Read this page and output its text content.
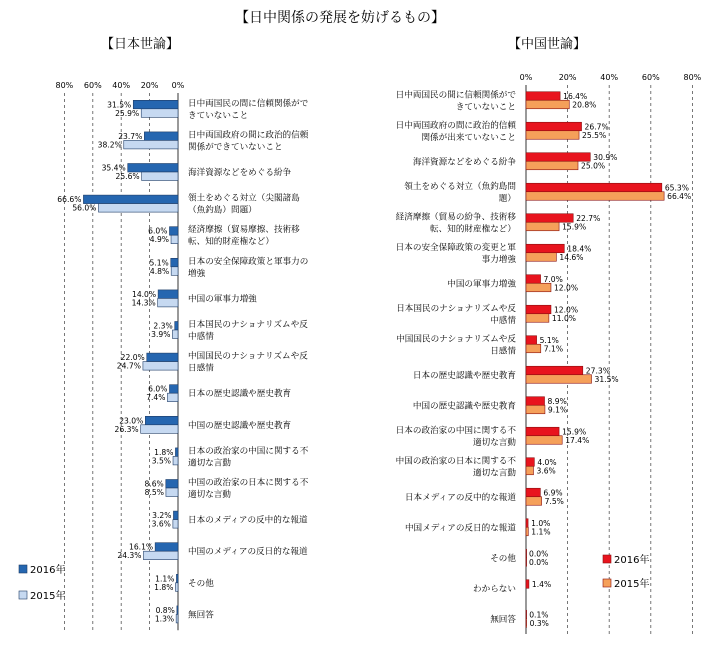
【日中関係の発展を妨げるもの】
【日本世論】	【中国世論】
80% 60% 40% 20% 0%
31.5%
25.9%
日中両国民の間に信頼関係がで
きていないこと
23.7%
38.2%
日中両国政府の間に政治的信頼
関係ができていないこと
35.4%
25.6%	海洋資源などをめぐる紛争
66.6%
56.0%
領土をめぐる対立（尖閣諸島
（魚釣島）問題）
6.0%
4.9%
経済摩擦（貿易摩擦、技術移
転、知的財産権など）
5.1%
4.8%
日本の安全保障政策と軍事力の
増強
14.0%
14.3%	中国の軍事力増強
2.3%
3.9%
日本国民のナショナリズムや反
中感情
22.0%
24.7%
中国国民のナショナリズムや反
日感情
6.0%
7.4%	日本の歴史認識や歴史教育
23.0%
26.3%	中国の歴史認識や歴史教育
1.8%
3.5%
日本の政治家の中国に関する不
適切な言動
8.6%
8.5%
中国の政治家の日本に関する不
適切な言動
3.2%
3.6% 日本のメディアの反中的な報道
16.1%
24.3%	中国のメディアの反日的な報道
1.1%
1.8% その他
0.8%
1.3% 無回答
2016年
2015年
0%	20%	40%	60%	80%
16.4%
20.8%
日中両国民の間に信頼関係がで
きていないこと
26.7%
25.5%
日中両国政府の間に政治的信頼
関係が出来ていないこと
30.9%
25.0%
海洋資源などをめぐる紛争
65.3%
66.4%
領土をめぐる対立（魚釣島問
題）
22.7%
15.9%
経済摩擦（貿易の紛争、技術移
転、知的財産権など）
18.4%
14.6%
日本の安全保障政策の変更と軍
事力増強
7.0%
12.0%
中国の軍事力増強
12.0%
11.0%
日本国民のナショナリズムや反
中感情
5.1%
7.1%
中国国民のナショナリズムや反
日感情
27.3%
31.5%
日本の歴史認識や歴史教育
8.9%
9.1%
中国の歴史認識や歴史教育
15.9%
17.4%
日本の政治家の中国に関する不
適切な言動
4.0%
3.6%
中国の政治家の日本に関する不
適切な言動
6.9%
7.5%
日本メディアの反中的な報道
1.0%
1.1%
中国メディアの反日的な報道
0.0%
0.0%
その他
1.4%
わからない
0.1%
0.3%
無回答
2016年
2015年
